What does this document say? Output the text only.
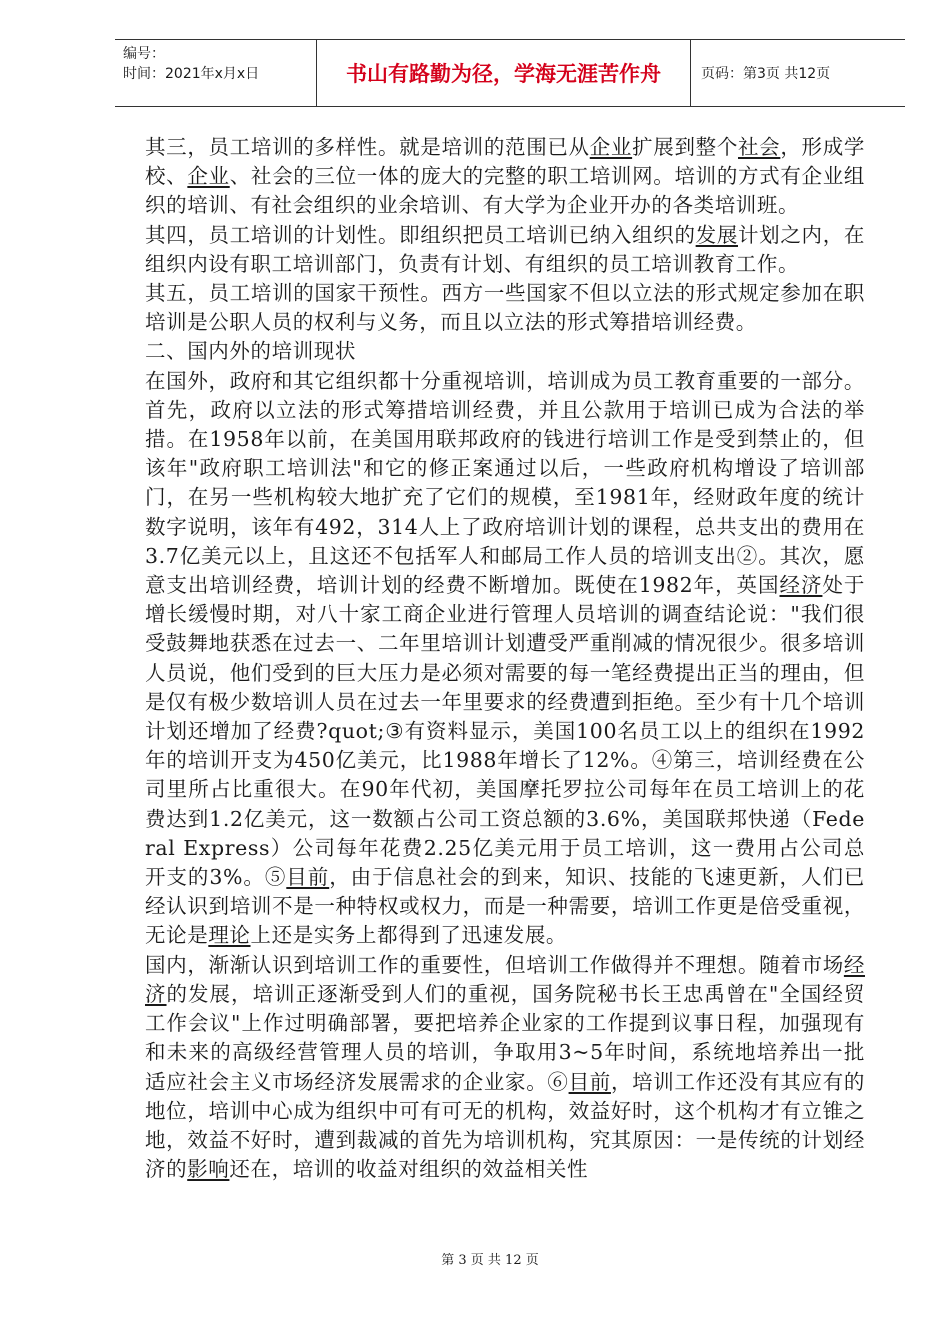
编号：
时间：2021年x月x日	书山有路勤为径，学海无涯苦作舟	页码：第3页 共12页

其三，员工培训的多样性。就是培训的范围已从企业扩展到整个社会，形成学校、企业、社会的三位一体的庞大的完整的职工培训网。培训的方式有企业组织的培训、有社会组织的业余培训、有大学为企业开办的各类培训班。

其四，员工培训的计划性。即组织把员工培训已纳入组织的发展计划之内，在组织内设有职工培训部门，负责有计划、有组织的员工培训教育工作。

其五，员工培训的国家干预性。西方一些国家不但以立法的形式规定参加在职培训是公职人员的权利与义务，而且以立法的形式筹措培训经费。

二、国内外的培训现状

在国外，政府和其它组织都十分重视培训，培训成为员工教育重要的一部分。首先，政府以立法的形式筹措培训经费，并且公款用于培训已成为合法的举措。在1958年以前，在美国用联邦政府的钱进行培训工作是受到禁止的，但该年"政府职工培训法"和它的修正案通过以后，一些政府机构增设了培训部门，在另一些机构较大地扩充了它们的规模，至1981年，经财政年度的统计数字说明，该年有492，314人上了政府培训计划的课程，总共支出的费用在3.7亿美元以上，且这还不包括军人和邮局工作人员的培训支出②。其次，愿意支出培训经费，培训计划的经费不断增加。既使在1982年，英国经济处于增长缓慢时期，对八十家工商企业进行管理人员培训的调查结论说："我们很受鼓舞地获悉在过去一、二年里培训计划遭受严重削减的情况很少。很多培训人员说，他们受到的巨大压力是必须对需要的每一笔经费提出正当的理由，但是仅有极少数培训人员在过去一年里要求的经费遭到拒绝。至少有十几个培训计划还增加了经费?quot;③有资料显示，美国100名员工以上的组织在1992年的培训开支为450亿美元，比1988年增长了12%。④第三，培训经费在公司里所占比重很大。在90年代初，美国摩托罗拉公司每年在员工培训上的花费达到1.2亿美元，这一数额占公司工资总额的3.6%，美国联邦快递（Federal Express）公司每年花费2.25亿美元用于员工培训，这一费用占公司总开支的3%。⑤目前，由于信息社会的到来，知识、技能的飞速更新，人们已经认识到培训不是一种特权或权力，而是一种需要，培训工作更是倍受重视，无论是理论上还是实务上都得到了迅速发展。

国内，渐渐认识到培训工作的重要性，但培训工作做得并不理想。随着市场经济的发展，培训正逐渐受到人们的重视，国务院秘书长王忠禹曾在"全国经贸工作会议"上作过明确部署，要把培养企业家的工作提到议事日程，加强现有和未来的高级经营管理人员的培训，争取用3~5年时间，系统地培养出一批适应社会主义市场经济发展需求的企业家。⑥目前，培训工作还没有其应有的地位，培训中心成为组织中可有可无的机构，效益好时，这个机构才有立锥之地，效益不好时，遭到裁减的首先为培训机构，究其原因：一是传统的计划经济的影响还在，培训的收益对组织的效益相关性

第 3 页 共 12 页
